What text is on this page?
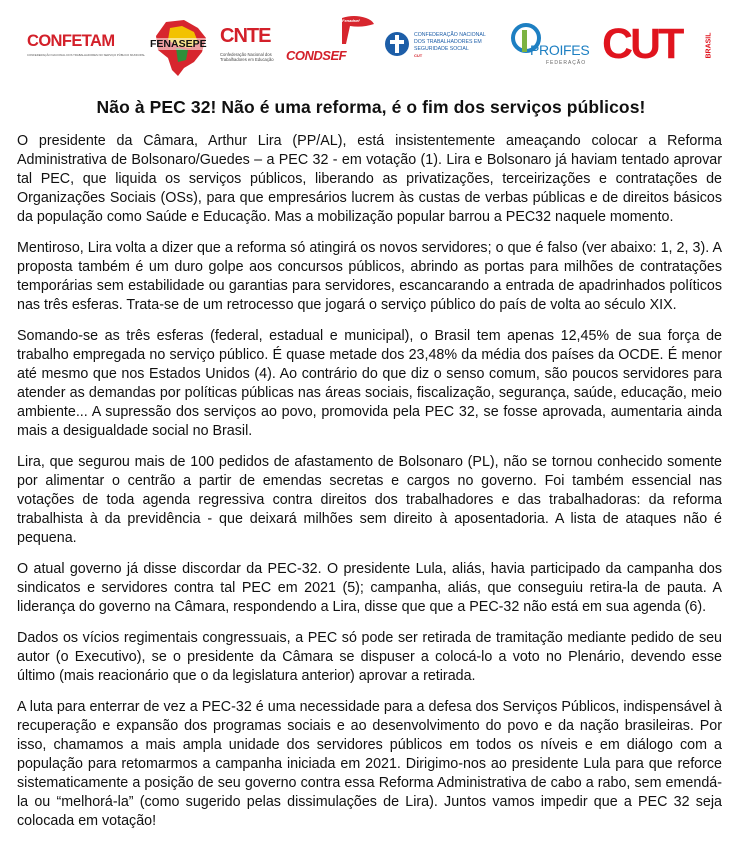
CONFETAM
CONFEDERAÇÃO NACIONAL DOS TRABALHADORES NO SERVIÇO PÚBLICO MUNICIPAL
FENASEPE CNTE
Confederação Nacional dos Trabalhadores em Educação
Fenadsef
CONDSEF
CONFEDERAÇÃO NACIONAL
DOS TRABALHADORES EM
SEGURIDADE SOCIAL
CUT	PROIFES
FEDERAÇÃO CUT	BRASIL
Não à PEC 32! Não é uma reforma, é o fim dos serviços públicos!

O presidente da Câmara, Arthur Lira (PP/AL), está insistentemente ameaçando colocar a Reforma Administrativa de Bolsonaro/Guedes – a PEC 32 - em votação (1). Lira e Bolsonaro já haviam tentado aprovar tal PEC, que liquida os serviços públicos, liberando as privatizações, terceirizações e contratações de Organizações Sociais (OSs), para que empresários lucrem às custas de verbas públicas e de direitos básicos da população como Saúde e Educação. Mas a mobilização popular barrou a PEC32 naquele momento.

Mentiroso, Lira volta a dizer que a reforma só atingirá os novos servidores; o que é falso (ver abaixo: 1, 2, 3). A proposta também é um duro golpe aos concursos públicos, abrindo as portas para milhões de contratações temporárias sem estabilidade ou garantias para servidores, escancarando a entrada de apadrinhados políticos nas três esferas. Trata-se de um retrocesso que jogará o serviço público do país de volta ao século XIX.

Somando-se as três esferas (federal, estadual e municipal), o Brasil tem apenas 12,45% de sua força de trabalho empregada no serviço público. É quase metade dos 23,48% da média dos países da OCDE. É menor até mesmo que nos Estados Unidos (4). Ao contrário do que diz o senso comum, são poucos servidores para atender as demandas por políticas públicas nas áreas sociais, fiscalização, segurança, saúde, educação, meio ambiente... A supressão dos serviços ao povo, promovida pela PEC 32, se fosse aprovada, aumentaria ainda mais a desigualdade social no Brasil.

Lira, que segurou mais de 100 pedidos de afastamento de Bolsonaro (PL), não se tornou conhecido somente por alimentar o centrão a partir de emendas secretas e cargos no governo. Foi também essencial nas votações de toda agenda regressiva contra direitos dos trabalhadores e das trabalhadoras: da reforma trabalhista à da previdência - que deixará milhões sem direito à aposentadoria. A lista de ataques não é pequena.

O atual governo já disse discordar da PEC-32. O presidente Lula, aliás, havia participado da campanha dos sindicatos e servidores contra tal PEC em 2021 (5); campanha, aliás, que conseguiu retira-la de pauta. A liderança do governo na Câmara, respondendo a Lira, disse que que a PEC-32 não está em sua agenda (6).

Dados os vícios regimentais congressuais, a PEC só pode ser retirada de tramitação mediante pedido de seu autor (o Executivo), se o presidente da Câmara se dispuser a colocá-lo a voto no Plenário, devendo esse último (mais reacionário que o da legislatura anterior) aprovar a retirada.

A luta para enterrar de vez a PEC-32 é uma necessidade para a defesa dos Serviços Públicos, indispensável à recuperação e expansão dos programas sociais e ao desenvolvimento do povo e da nação brasileiras. Por isso, chamamos a mais ampla unidade dos servidores públicos em todos os níveis e em diálogo com a população para retomarmos a campanha iniciada em 2021. Dirigimo-nos ao presidente Lula para que reforce sistematicamente a posição de seu governo contra essa Reforma Administrativa de cabo a rabo, sem emendá-la ou “melhorá-la” (como sugerido pelas dissimulações de Lira). Juntos vamos impedir que a PEC 32 seja colocada em votação!
